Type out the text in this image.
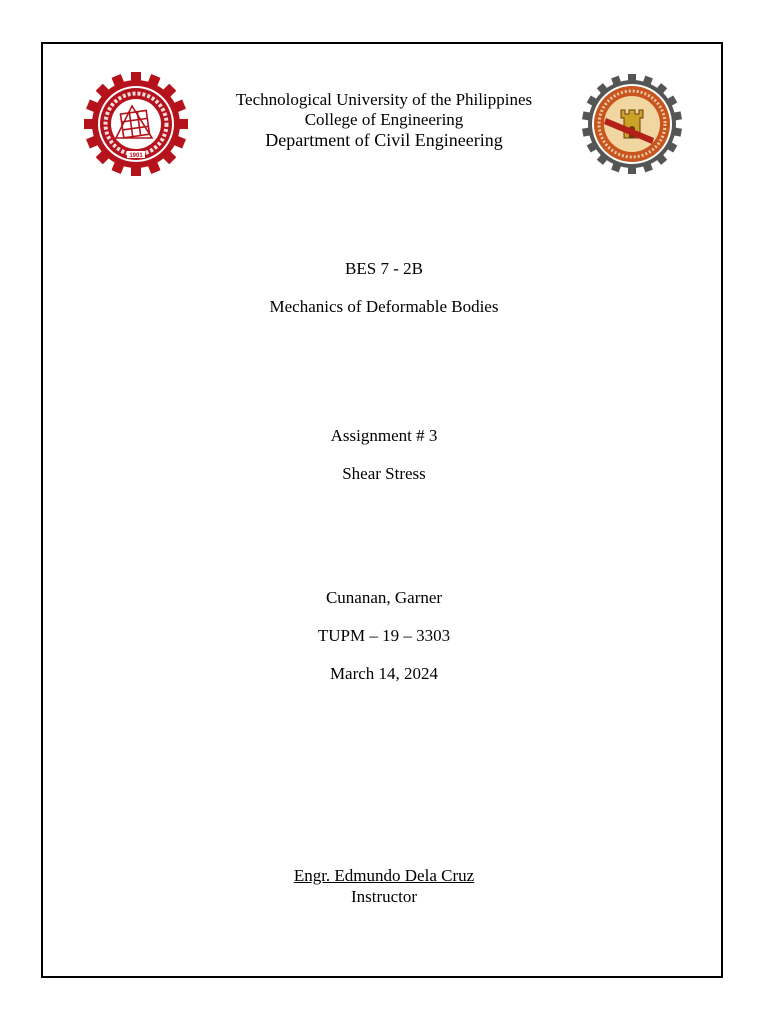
1901
Technological University of the Philippines
College of Engineering
Department of Civil Engineering
BES 7 - 2B
Mechanics of Deformable Bodies
Assignment # 3
Shear Stress
Cunanan, Garner
TUPM – 19 – 3303
March 14, 2024
Engr. Edmundo Dela Cruz
Instructor
